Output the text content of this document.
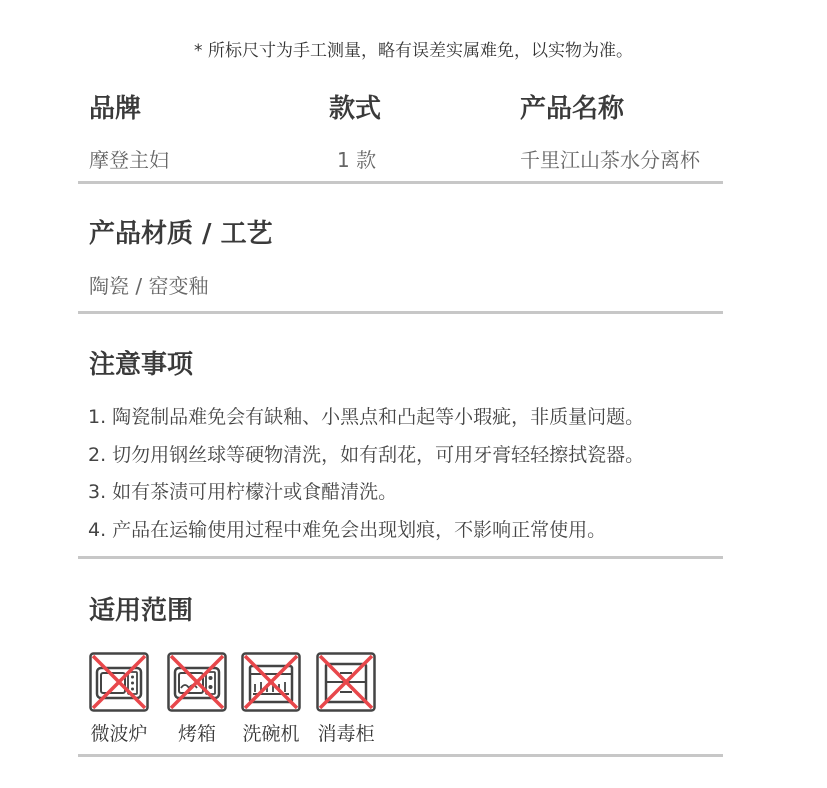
* 所标尺寸为手工测量，略有误差实属难免，以实物为准。
品牌	款式	产品名称
摩登主妇	1 款	千里江山茶水分离杯
产品材质 / 工艺
陶瓷 / 窑变釉
注意事项
1. 陶瓷制品难免会有缺釉、小黑点和凸起等小瑕疵，非质量问题。
2. 切勿用钢丝球等硬物清洗，如有刮花，可用牙膏轻轻擦拭瓷器。
3. 如有茶渍可用柠檬汁或食醋清洗。
4. 产品在运输使用过程中难免会出现划痕，不影响正常使用。
适用范围
微波炉	烤箱	洗碗机 消毒柜
